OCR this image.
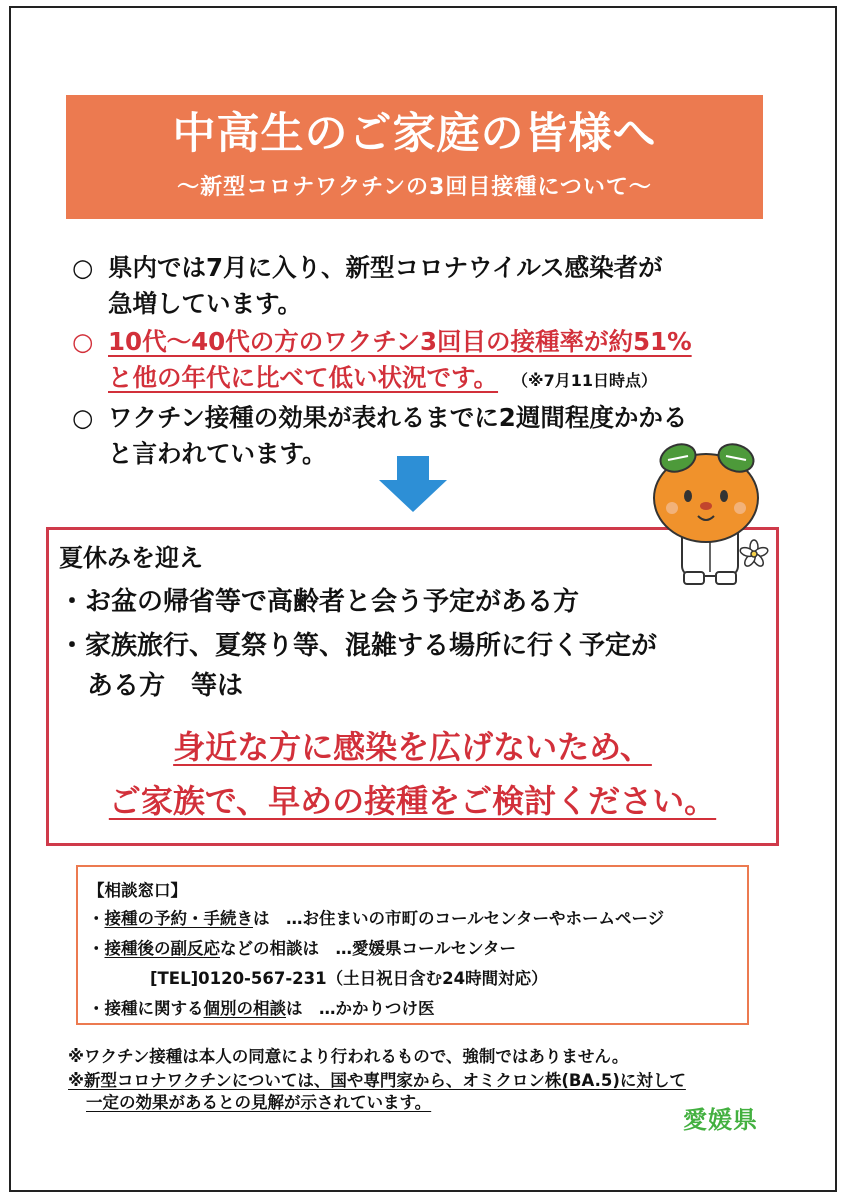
中高生のご家庭の皆様へ
～新型コロナワクチンの3回目接種について～
○ 県内では7月に入り、新型コロナウイルス感染者が
急増しています。
○ 10代～40代の方のワクチン3回目の接種率が約51%
と他の年代に比べて低い状況です。 （※7月11日時点）
○ ワクチン接種の効果が表れるまでに2週間程度かかる
と言われています。
夏休みを迎え
・お盆の帰省等で高齢者と会う予定がある方
・家族旅行、夏祭り等、混雑する場所に行く予定が
ある方　等は
身近な方に感染を広げないため、
ご家族で、早めの接種をご検討ください。
【相談窓口】
・接種の予約・手続きは　…お住まいの市町のコールセンターやホームページ
・接種後の副反応などの相談は　…愛媛県コールセンター
[TEL]0120-567-231（土日祝日含む24時間対応）
・接種に関する個別の相談は　…かかりつけ医
※ワクチン接種は本人の同意により行われるもので、強制ではありません。
※新型コロナワクチンについては、国や専門家から、オミクロン株(BA.5)に対して
一定の効果があるとの見解が示されています。
愛媛県
